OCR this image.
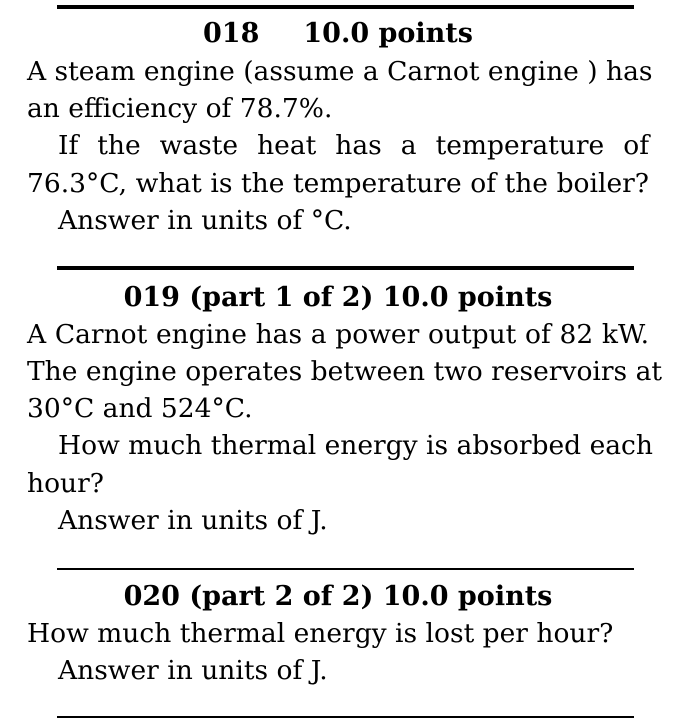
018 10.0 points
A steam engine (assume a Carnot engine ) has
an efficiency of 78.7%.
If the waste heat has a temperature of
76.3°C, what is the temperature of the boiler?
Answer in units of °C.
019 (part 1 of 2) 10.0 points
A Carnot engine has a power output of 82 kW.
The engine operates between two reservoirs at
30°C and 524°C.
How much thermal energy is absorbed each
hour?
Answer in units of J.
020 (part 2 of 2) 10.0 points
How much thermal energy is lost per hour?
Answer in units of J.
